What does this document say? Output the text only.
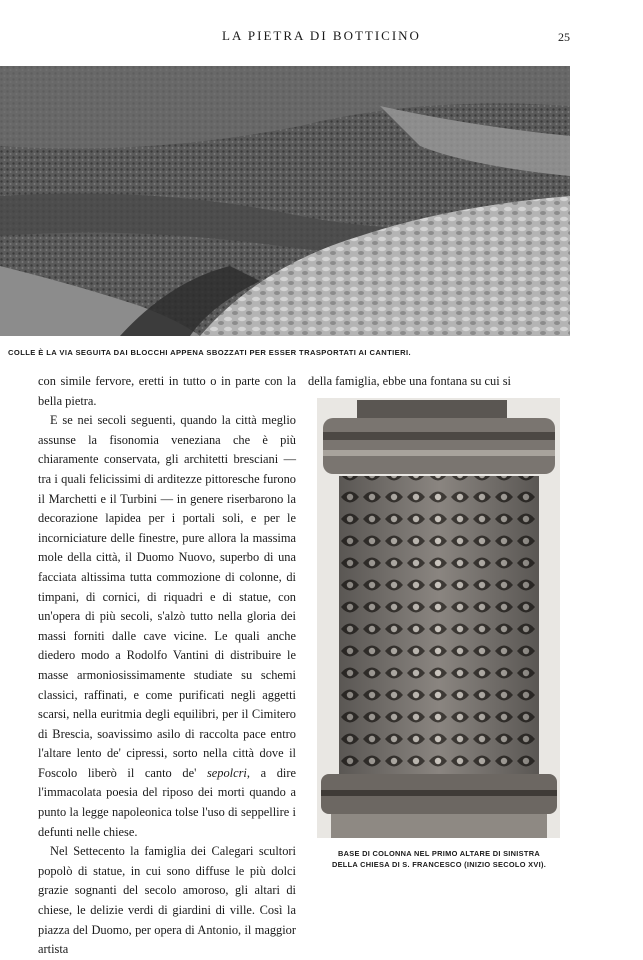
LA PIETRA DI BOTTICINO	25
COLLE È LA VIA SEGUITA DAI BLOCCHI APPENA SBOZZATI PER ESSER TRASPORTATI AI CANTIERI.

con simile fervore, eretti in tutto o in parte con la bella pietra.

E se nei secoli seguenti, quando la città meglio assunse la fisonomia veneziana che è più chiaramente conservata, gli architetti bresciani — tra i quali felicissimi di arditezze pittoresche furono il Marchetti e il Turbini — in genere riserbarono la decorazione lapidea per i portali soli, e per le incorniciature delle finestre, pure allora la massima mole della città, il Duomo Nuovo, superbo di una facciata altissima tutta commozione di colonne, di timpani, di cornici, di riquadri e di statue, con un'opera di più secoli, s'alzò tutto nella gloria dei massi forniti dalle cave vicine. Le quali anche diedero modo a Rodolfo Vantini di distribuire le masse armoniosissimamente studiate su schemi classici, raffinati, e come purificati negli aggetti scarsi, nella euritmia degli equilibri, per il Cimitero di Brescia, soavissimo asilo di raccolta pace entro l'altare lento de' cipressi, sorto nella città dove il Foscolo liberò il canto de' sepolcri, a dire l'immacolata poesia del riposo dei morti quando a punto la legge napoleonica tolse l'uso di seppellire i defunti nelle chiese.

Nel Settecento la famiglia dei Calegari scultori popolò di statue, in cui sono diffuse le più dolci grazie sognanti del secolo amoroso, gli altari di chiese, le delizie verdi di giardini di ville. Così la piazza del Duomo, per opera di Antonio, il maggior artista

della famiglia, ebbe una fontana su cui si
BASE DI COLONNA NEL PRIMO ALTARE DI SINISTRA
DELLA CHIESA DI S. FRANCESCO (INIZIO SECOLO XVI).
